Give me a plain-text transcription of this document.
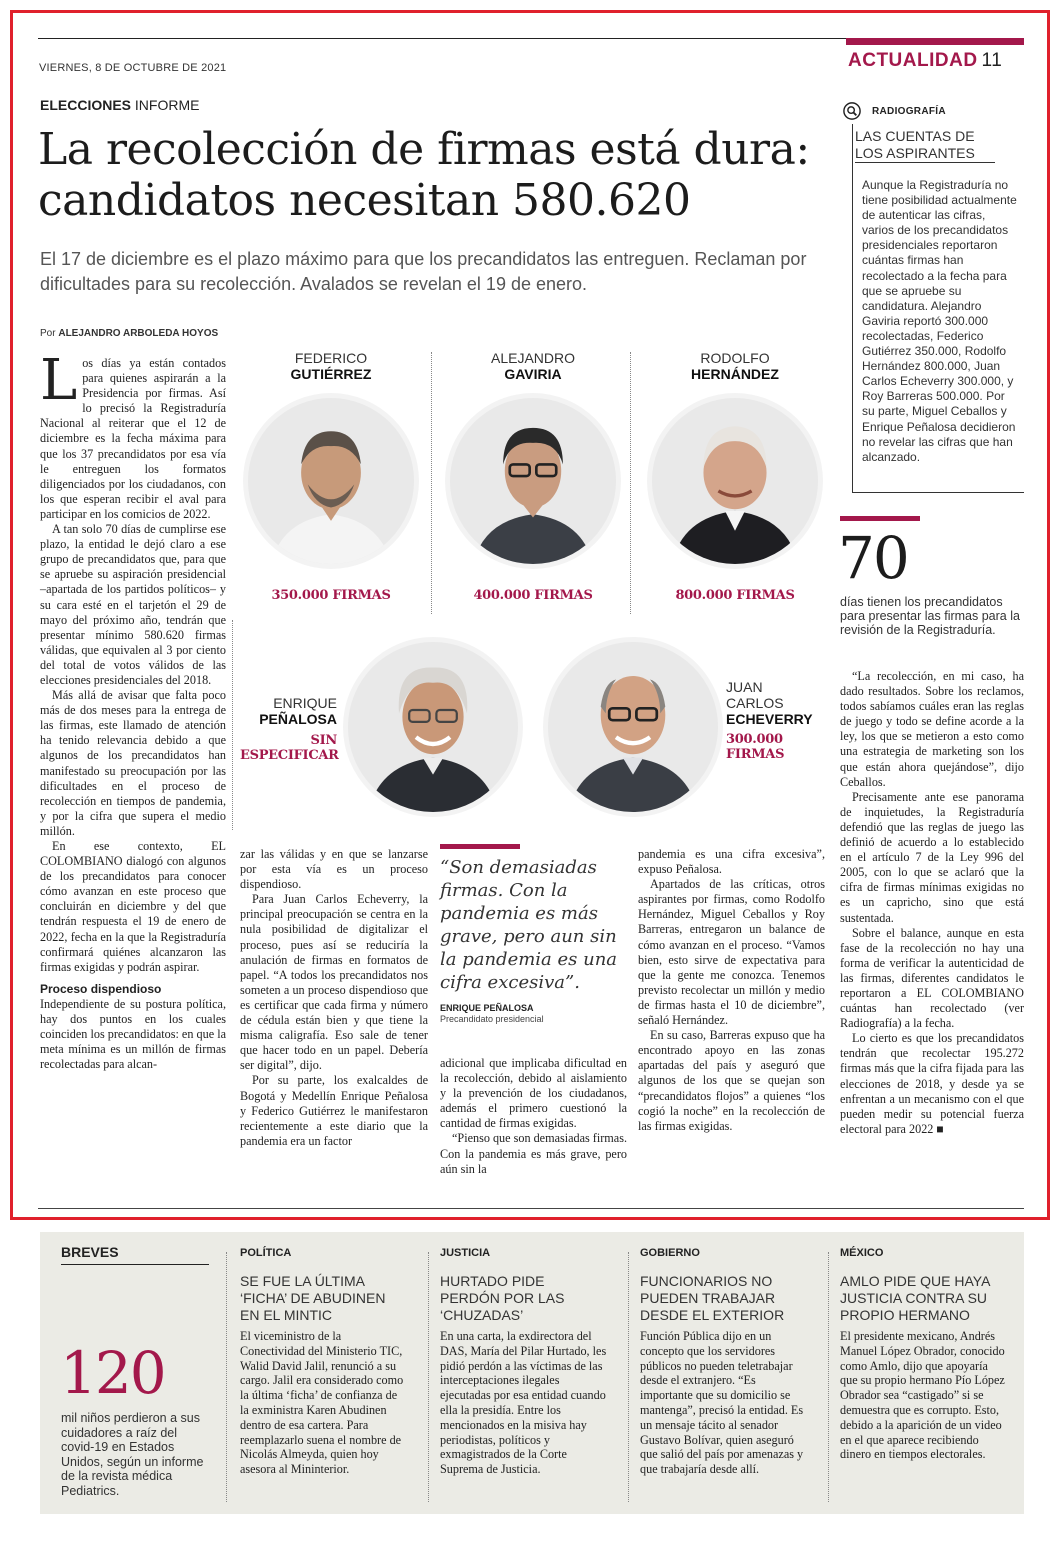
VIERNES, 8 DE OCTUBRE DE 2021	ACTUALIDAD 11
ELECCIONES INFORME
La recolección de firmas está dura: candidatos necesitan 580.620
El 17 de diciembre es el plazo máximo para que los precandidatos las entreguen. Reclaman por dificultades para su recolección. Avalados se revelan el 19 de enero.
Por ALEJANDRO ARBOLEDA HOYOS

Los días ya están contados para quienes aspirarán a la Presidencia por firmas. Así lo precisó la Registraduría Nacional al reiterar que el 12 de diciembre es la fecha máxima para que los 37 precandidatos por esa vía le entreguen los formatos diligenciados por los ciudadanos, con los que esperan recibir el aval para participar en los comicios de 2022.

A tan solo 70 días de cumplirse ese plazo, la entidad le dejó claro a ese grupo de precandidatos que, para que se apruebe su aspiración presidencial –apartada de los partidos políticos– y su cara esté en el tarjetón el 29 de mayo del próximo año, tendrán que presentar mínimo 580.620 firmas válidas, que equivalen al 3 por ciento del total de votos válidos de las elecciones presidenciales del 2018.

Más allá de avisar que falta poco más de dos meses para la entrega de las firmas, este llamado de atención ha tenido relevancia debido a que algunos de los precandidatos han manifestado su preocupación por las dificultades en el proceso de recolección en tiempos de pandemia, y por la cifra que supera el medio millón.

En ese contexto, EL COLOMBIANO dialogó con algunos de los precandidatos para conocer cómo avanzan en este proceso que concluirán en diciembre y del que tendrán respuesta el 19 de enero de 2022, fecha en la que la Registraduría confirmará quiénes alcanzaron las firmas exigidas y podrán aspirar.

Proceso dispendioso

Independiente de su postura política, hay dos puntos en los cuales coinciden los precandidatos: en que la meta mínima es un millón de firmas recolectadas para alcan-

FEDERICO
GUTIÉRREZ
ALEJANDRO
GAVIRIA
RODOLFO
HERNÁNDEZ
350.000 FIRMAS	400.000 FIRMAS	800.000 FIRMAS
ENRIQUE
PEÑALOSA
SIN
ESPECIFICAR
JUAN
CARLOS
ECHEVERRY
300.000
FIRMAS

zar las válidas y en que se lanzarse por esta vía es un proceso dispendioso.

Para Juan Carlos Echeverry, la principal preocupación se centra en la nula posibilidad de digitalizar el proceso, pues así se reduciría la anulación de firmas en formatos de papel. “A todos los precandidatos nos someten a un proceso dispendioso que es certificar que cada firma y número de cédula están bien y que tiene la misma caligrafía. Eso sale de tener que hacer todo en un papel. Debería ser digital”, dijo.

Por su parte, los exalcaldes de Bogotá y Medellín Enrique Peñalosa y Federico Gutiérrez le manifestaron recientemente a este diario que la pandemia era un factor

“Son demasiadas firmas. Con la pandemia es más grave, pero aun sin la pandemia es una cifra excesiva”.
ENRIQUE PEÑALOSA
Precandidato presidencial

adicional que implicaba dificultad en la recolección, debido al aislamiento y la prevención de los ciudadanos, además el primero cuestionó la cantidad de firmas exigidas.

“Pienso que son demasiadas firmas. Con la pandemia es más grave, pero aún sin la

pandemia es una cifra excesiva”, expuso Peñalosa.

Apartados de las críticas, otros aspirantes por firmas, como Rodolfo Hernández, Miguel Ceballos y Roy Barreras, entregaron un balance de cómo avanzan en el proceso. “Vamos bien, esto sirve de expectativa para que la gente me conozca. Tenemos previsto recolectar un millón y medio de firmas hasta el 10 de diciembre”, señaló Hernández.

En su caso, Barreras expuso que ha encontrado apoyo en las zonas apartadas del país y aseguró que algunos de los que se quejan son “precandidatos flojos” a quienes “los cogió la noche” en la recolección de las firmas exigidas.

RADIOGRAFÍA
LAS CUENTAS DE LOS ASPIRANTES
Aunque la Registraduría no tiene posibilidad actualmente de autenticar las cifras, varios de los precandidatos presidenciales reportaron cuántas firmas han recolectado a la fecha para que se apruebe su candidatura. Alejandro Gaviria reportó 300.000 recolectadas, Federico Gutiérrez 350.000, Rodolfo Hernández 800.000, Juan Carlos Echeverry 300.000, y Roy Barreras 500.000. Por su parte, Miguel Ceballos y Enrique Peñalosa decidieron no revelar las cifras que han alcanzado.
70
días tienen los precandidatos para presentar las firmas para la revisión de la Registraduría.

“La recolección, en mi caso, ha dado resultados. Sobre los reclamos, todos sabíamos cuáles eran las reglas de juego y todo se define acorde a la ley, los que se metieron a esto como una estrategia de marketing son los que están ahora quejándose”, dijo Ceballos.

Precisamente ante ese panorama de inquietudes, la Registraduría defendió que las reglas de juego las definió de acuerdo a lo establecido en el artículo 7 de la Ley 996 del 2005, con lo que se aclaró que la cifra de firmas mínimas exigidas no es un capricho, sino que está sustentada.

Sobre el balance, aunque en esta fase de la recolección no hay una forma de verificar la autenticidad de las firmas, diferentes candidatos le reportaron a EL COLOMBIANO cuántas han recolectado (ver Radiografía) a la fecha.

Lo cierto es que los precandidatos tendrán que recolectar 195.272 firmas más que la cifra fijada para las elecciones de 2018, y desde ya se enfrentan a un mecanismo con el que pueden medir su potencial fuerza electoral para 2022 ■

BREVES
120
mil niños perdieron a sus cuidadores a raíz del covid-19 en Estados Unidos, según un informe de la revista médica Pediatrics.
POLÍTICA
SE FUE LA ÚLTIMA ‘FICHA’ DE ABUDINEN EN EL MINTIC
El viceministro de la Conectividad del Ministerio TIC, Walid David Jalil, renunció a su cargo. Jalil era considerado como la última ‘ficha’ de confianza de la exministra Karen Abudinen dentro de esa cartera. Para reemplazarlo suena el nombre de Nicolás Almeyda, quien hoy asesora al Mininterior.
JUSTICIA
HURTADO PIDE PERDÓN POR LAS ‘CHUZADAS’
En una carta, la exdirectora del DAS, María del Pilar Hurtado, les pidió perdón a las víctimas de las interceptaciones ilegales ejecutadas por esa entidad cuando ella la presidía. Entre los mencionados en la misiva hay periodistas, políticos y exmagistrados de la Corte Suprema de Justicia.
GOBIERNO
FUNCIONARIOS NO PUEDEN TRABAJAR DESDE EL EXTERIOR
Función Pública dijo en un concepto que los servidores públicos no pueden teletrabajar desde el extranjero. “Es importante que su domicilio se mantenga”, precisó la entidad. Es un mensaje tácito al senador Gustavo Bolívar, quien aseguró que salió del país por amenazas y que trabajaría desde allí.
MÉXICO
AMLO PIDE QUE HAYA JUSTICIA CONTRA SU PROPIO HERMANO
El presidente mexicano, Andrés Manuel López Obrador, conocido como Amlo, dijo que apoyaría que su propio hermano Pío López Obrador sea “castigado” si se demuestra que es corrupto. Esto, debido a la aparición de un video en el que aparece recibiendo dinero en tiempos electorales.
